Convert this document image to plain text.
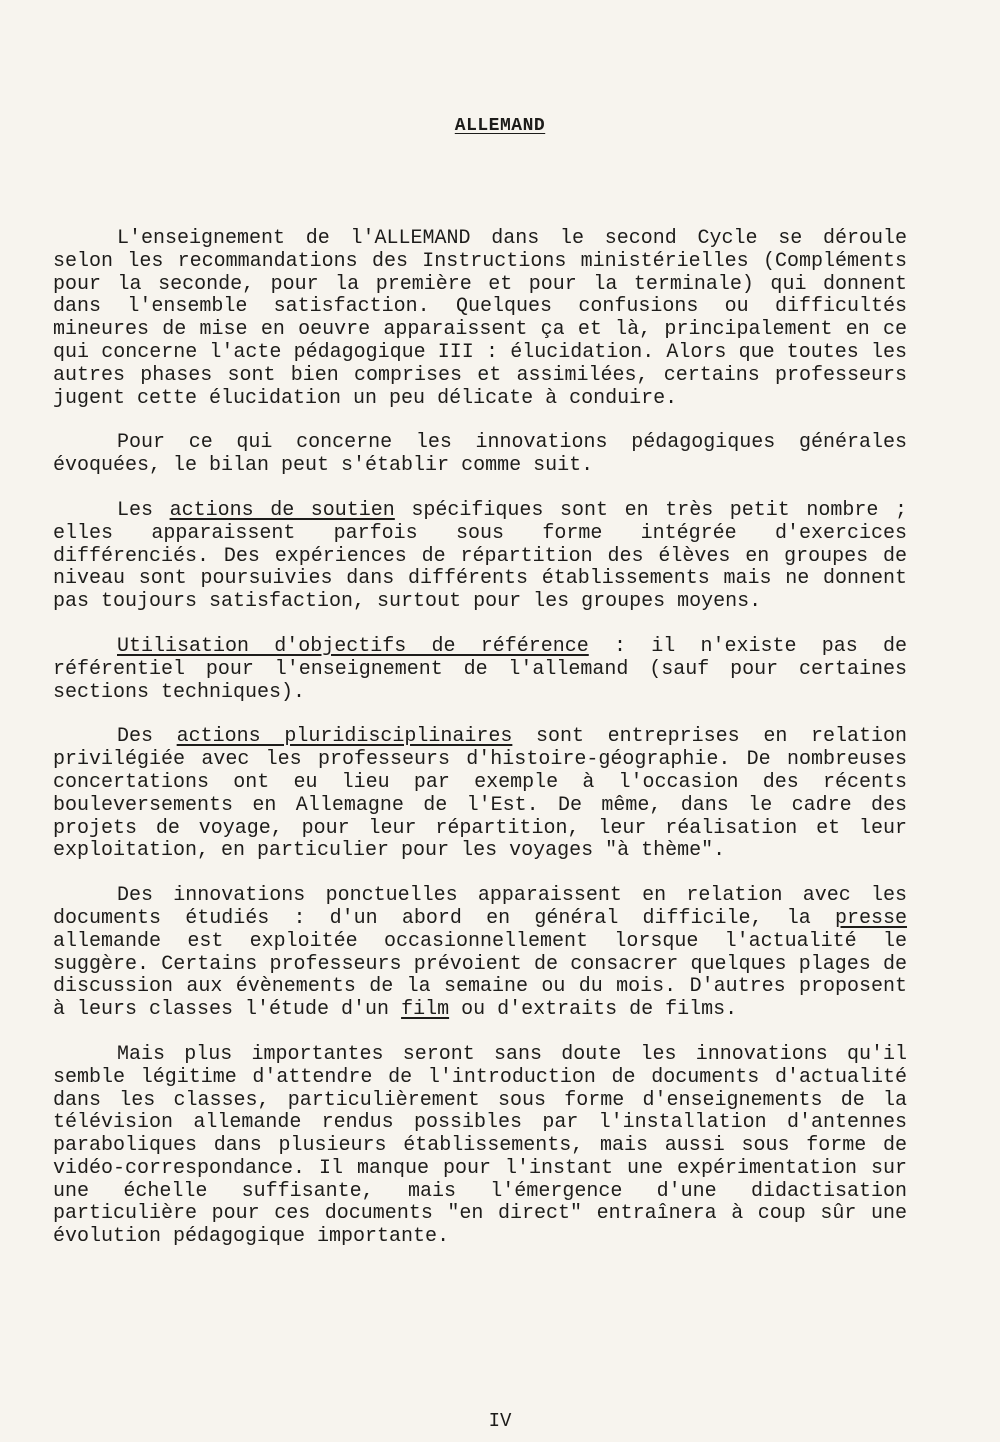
ALLEMAND

L'enseignement de l'ALLEMAND dans le second Cycle se déroule selon les recommandations des Instructions ministérielles (Compléments pour la seconde, pour la première et pour la terminale) qui donnent dans l'ensemble satisfaction. Quelques confusions ou difficultés mineures de mise en oeuvre apparaissent ça et là, principalement en ce qui concerne l'acte pédagogique III : élucidation. Alors que toutes les autres phases sont bien comprises et assimilées, certains professeurs jugent cette élucidation un peu délicate à conduire.

Pour ce qui concerne les innovations pédagogiques générales évoquées, le bilan peut s'établir comme suit.

Les actions de soutien spécifiques sont en très petit nombre ; elles apparaissent parfois sous forme intégrée d'exercices différenciés. Des expériences de répartition des élèves en groupes de niveau sont poursuivies dans différents établissements mais ne donnent pas toujours satisfaction, surtout pour les groupes moyens.

Utilisation d'objectifs de référence : il n'existe pas de référentiel pour l'enseignement de l'allemand (sauf pour certaines sections techniques).

Des actions pluridisciplinaires sont entreprises en relation privilégiée avec les professeurs d'histoire-géographie. De nombreuses concertations ont eu lieu par exemple à l'occasion des récents bouleversements en Allemagne de l'Est. De même, dans le cadre des projets de voyage, pour leur répartition, leur réalisation et leur exploitation, en particulier pour les voyages "à thème".

Des innovations ponctuelles apparaissent en relation avec les documents étudiés : d'un abord en général difficile, la presse allemande est exploitée occasionnellement lorsque l'actualité le suggère. Certains professeurs prévoient de consacrer quelques plages de discussion aux évènements de la semaine ou du mois. D'autres proposent à leurs classes l'étude d'un film ou d'extraits de films.

Mais plus importantes seront sans doute les innovations qu'il semble légitime d'attendre de l'introduction de documents d'actualité dans les classes, particulièrement sous forme d'enseignements de la télévision allemande rendus possibles par l'installation d'antennes paraboliques dans plusieurs établissements, mais aussi sous forme de vidéo-correspondance. Il manque pour l'instant une expérimentation sur une échelle suffisante, mais l'émergence d'une didactisation particulière pour ces documents "en direct" entraînera à coup sûr une évolution pédagogique importante.

IV
